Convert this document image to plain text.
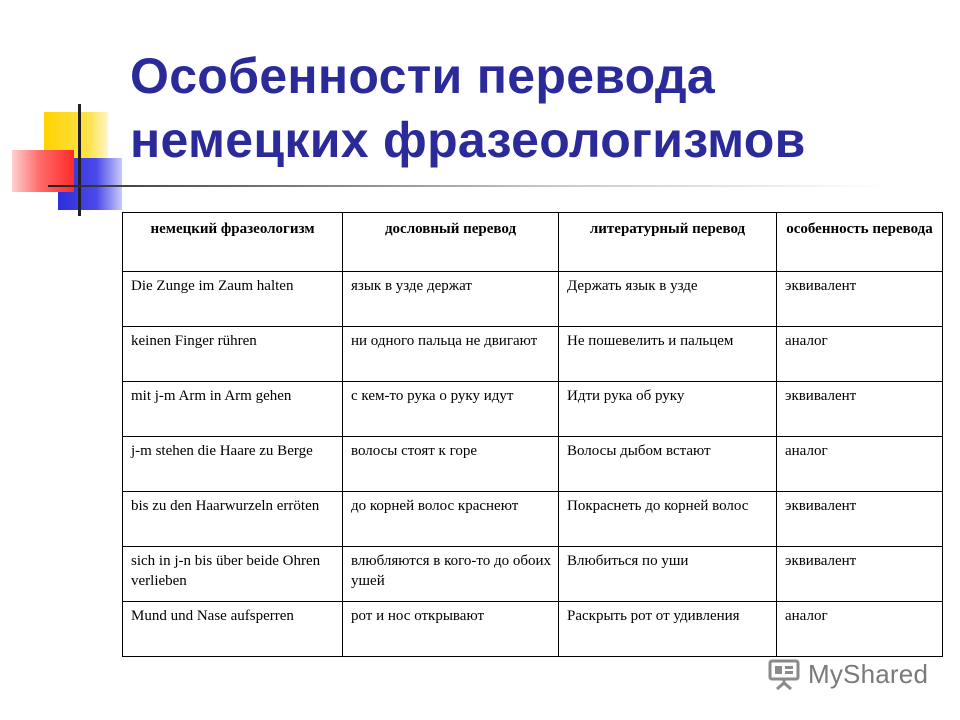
Особенности перевода
немецких фразеологизмов
немецкий фразеологизм	дословный перевод	литературный перевод	особенность перевода
Die Zunge im Zaum halten	язык в узде держат	Держать язык в узде	эквивалент
keinen Finger rühren	ни одного пальца не двигают	Не пошевелить и пальцем	аналог
mit j-m Arm in Arm gehen	с кем-то рука о руку идут	Идти рука об руку	эквивалент
j-m stehen die Haare zu Berge	волосы стоят к горе	Волосы дыбом встают	аналог
bis zu den Haarwurzeln erröten	до корней волос краснеют	Покраснеть до корней волос	эквивалент
sich in j-n bis über beide Ohren verlieben	влюбляются в кого-то до обоих ушей	Влюбиться по уши	эквивалент
Mund und Nase aufsperren	рот и нос открывают	Раскрыть рот от удивления	аналог
MyShared
